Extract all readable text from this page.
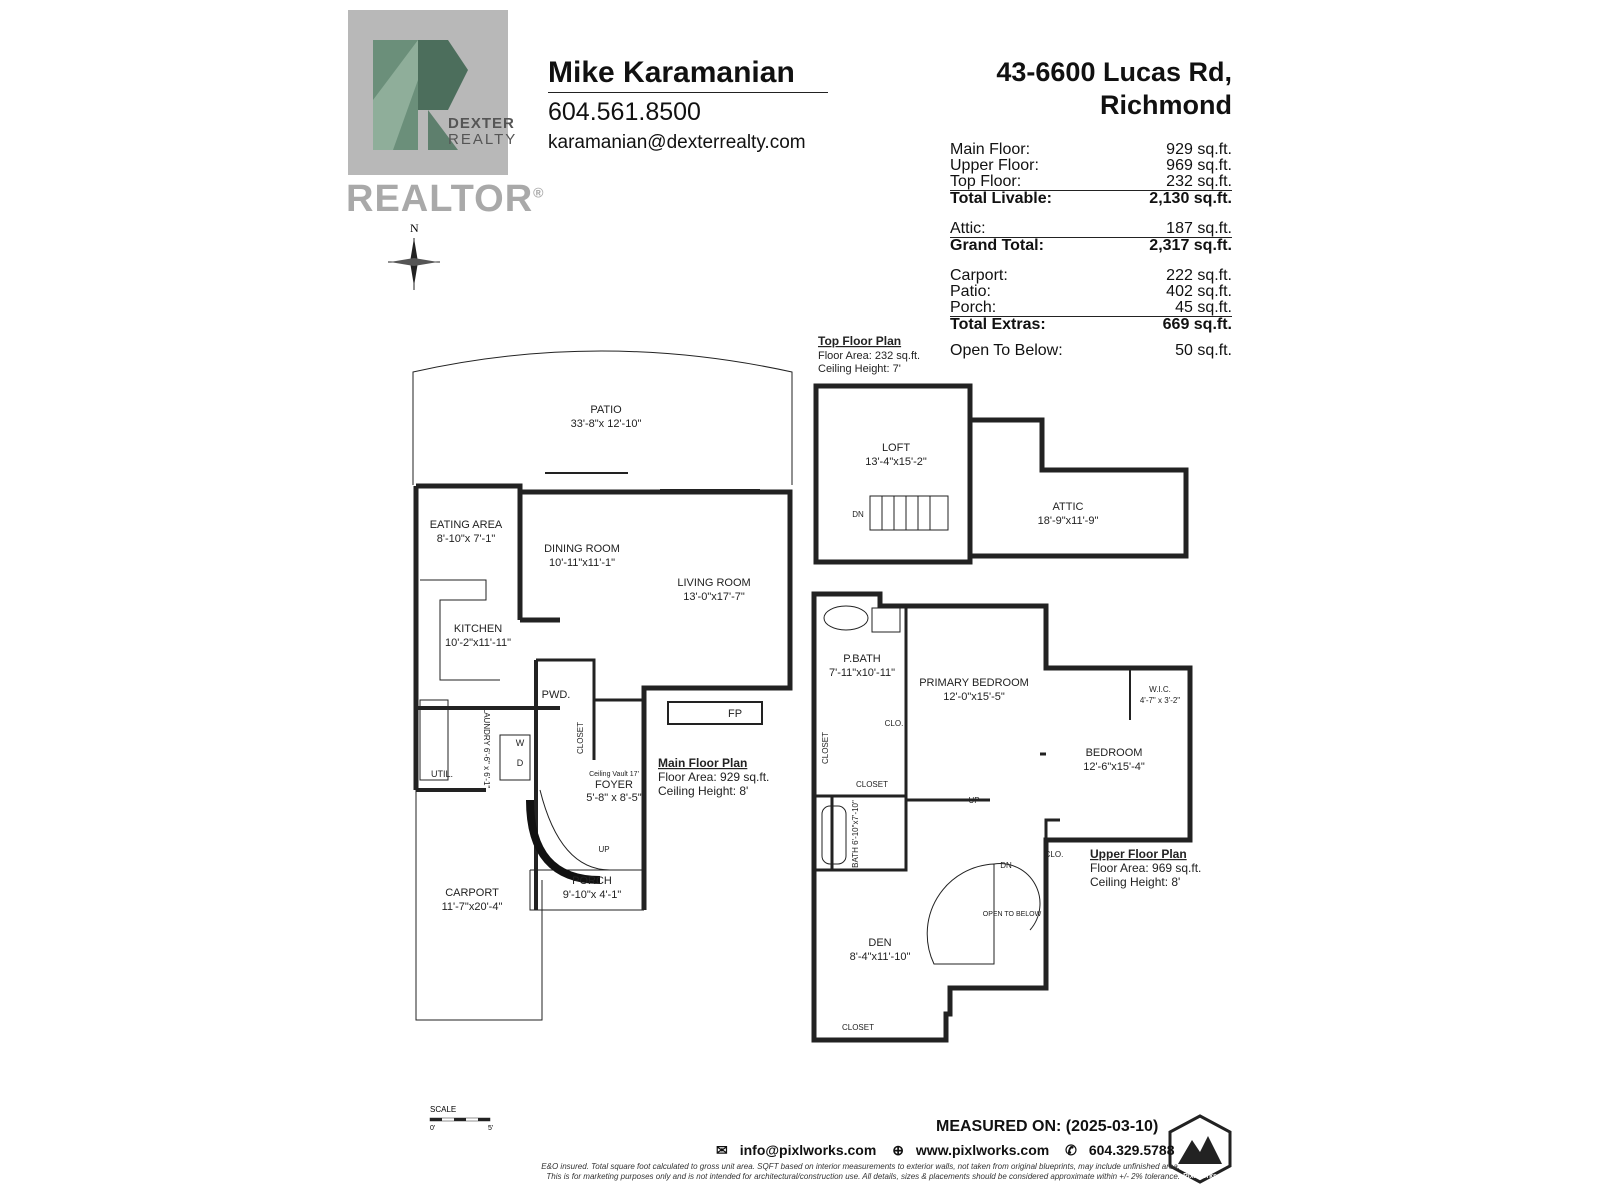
DEXTER
REALTY
REALTOR®
Mike Karamanian
604.561.8500
karamanian@dexterrealty.com
43-6600 Lucas Rd,
Richmond
Main Floor:	929 sq.ft.
Upper Floor:	969 sq.ft.
Top Floor:	232 sq.ft.
Total Livable:	2,130 sq.ft.
Attic:	187 sq.ft.
Grand Total:	2,317 sq.ft.
Carport:	222 sq.ft.
Patio:	402 sq.ft.
Porch:	45 sq.ft.
Total Extras:	669 sq.ft.
Open To Below:	50 sq.ft.
N
PATIO
33'-8"x 12'-10"
EATING AREA
8'-10"x 7'-1"
DINING ROOM
10'-11"x11'-1"
LIVING ROOM
13'-0"x17'-7"
KITCHEN
10'-2"x11'-11"
PWD.
CLOSET
FP
UTIL.	LAUNDRY 6'-6" x 6'-1"	W
D
Ceiling Vault 17'
FOYER
5'-8" x 8'-5"
UP
PORCH
9'-10"x 4'-1"
CARPORT
11'-7"x20'-4"
Main Floor Plan
Floor Area: 929 sq.ft.
Ceiling Height: 8'
LOFT
13'-4"x15'-2"
ATTIC
18'-9"x11'-9"
DN
Top Floor Plan
Floor Area: 232 sq.ft.
Ceiling Height: 7'
P.BATH
7'-11"x10'-11"
PRIMARY BEDROOM
12'-0"x15'-5"
W.I.C.
4'-7" x 3'-2"
BEDROOM
12'-6"x15'-4"
CLO.
CLOSET
CLOSET
BATH 6'-10"x7'-10"	UP
DN
CLO.
OPEN TO BELOW
DEN
8'-4"x11'-10"
CLOSET
Upper Floor Plan
Floor Area: 969 sq.ft.
Ceiling Height: 8'
SCALE
0'	5'
PixlWorks
MEASURED ON: (2025-03-10)
✉ info@pixlworks.com ⊕ www.pixlworks.com ✆ 604.329.5788
E&O insured. Total square foot calculated to gross unit area. SQFT based on interior measurements to exterior walls, not taken from original blueprints, may include unfinished area.
This is for marketing purposes only and is not intended for architectural/construction use. All details, sizes & placements should be considered approximate within +/- 2% tolerance.
